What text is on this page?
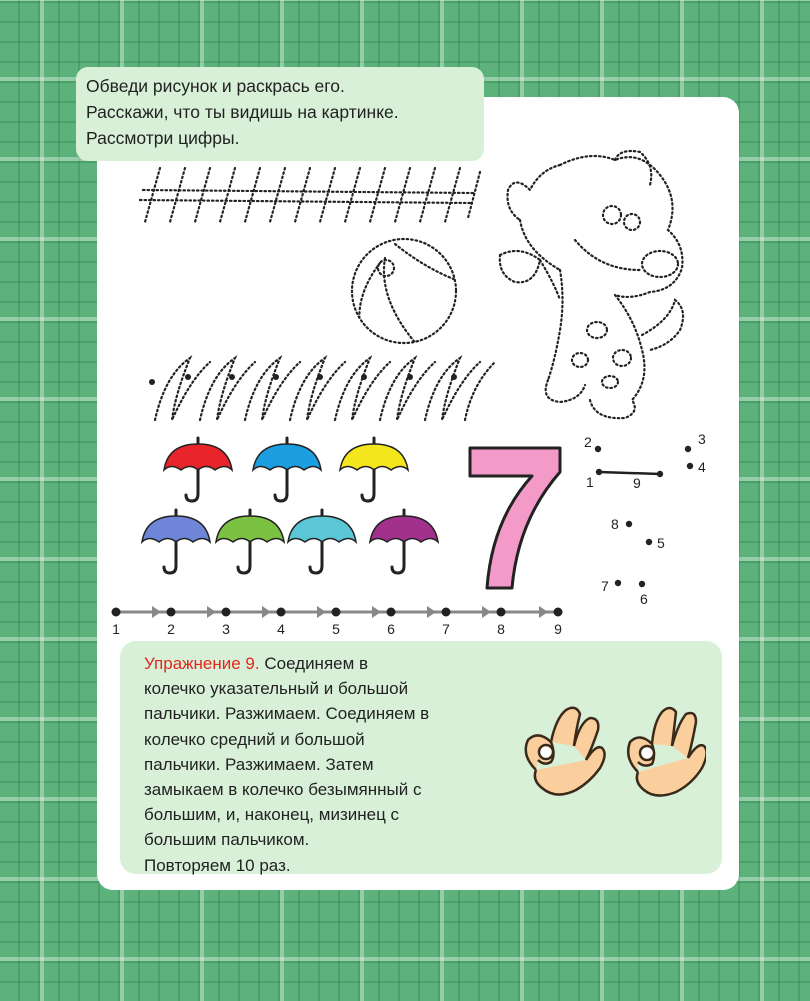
Обведи рисунок и раскрась его.
Расскажи, что ты видишь на картинке.
Рассмотри цифры.
1
2	3
4
5
6
7
8
9
1	2	3	4	5	6	7	8	9
Упражнение 9. Соединяем в
колечко указательный и большой
пальчики. Разжимаем. Соединяем в
колечко средний и большой
пальчики. Разжимаем. Затем
замыкаем в колечко безымянный с
большим, и, наконец, мизинец с
большим пальчиком.
Повторяем 10 раз.
